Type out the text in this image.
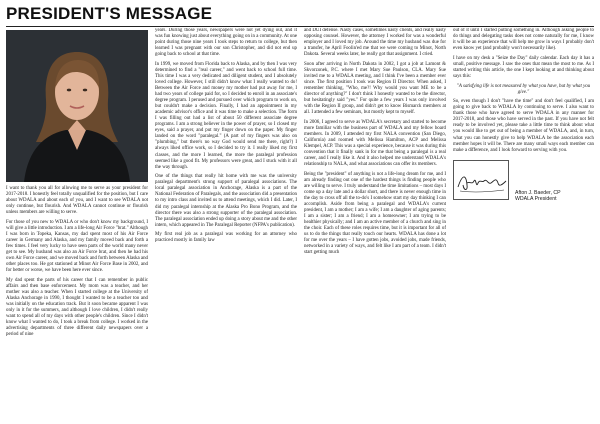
PRESIDENT'S MESSAGE

I want to thank you all for allowing me to serve as your president for 2017-2018. I honestly feel totally unqualified for the position, but I care about WDALA and about each of you, and I want to see WDALA not only continue, but flourish. And WDALA cannot continue or flourish unless members are willing to serve.

For those of you new to WDALA or who don't know my background, I will give a little introduction. I am a life-long Air Force "brat." Although I was born in Topeka, Kansas, my dad spent most of his Air Force career in Germany and Alaska, and my family moved back and forth a few times. I feel very lucky to have seen parts of the world many never get to see. My husband was also an Air Force brat, and then he had his own Air Force career, and we moved back and forth between Alaska and other places too. He got stationed at Minot Air Force Base in 2002, and for better or worse, we have been here ever since.

My dad spent the parts of his career that I can remember in public affairs and then base enforcement. My mom was a teacher, and her mother was also a teacher. When I started college at the University of Alaska Anchorage in 1990, I thought I wanted to be a teacher too and was initially on the education track. But it soon became apparent I was only in it for the summers, and although I love children, I didn't really want to spend all of my days with other people's children. Since I didn't know what I wanted to do, I took a break from college. I worked in the advertising departments of three different daily newspapers over a period of nine

years. During those years, newspapers were not yet dying out, and it was fun knowing just about everything going on in a community. At one point during those nine years I took steps to return to college, but then learned I was pregnant with our son Christopher, and did not end up going back to school at that time.

In 1999, we moved from Florida back to Alaska, and by then I was very determined to find a "real career," and went back to school full time. This time I was a very dedicated and diligent student, and I absolutely loved college. However, I still didn't know what I really wanted to do! Between the Air Force and money my mother had put away for me, I had two years of college paid for, so I decided to enroll in an associate's degree program. I perused and pursued over which program to work on, but couldn't make a decision. Finally, I had an appointment in my academic advisor's office and it was time to make a selection. The form I was filling out had a list of about 50 different associate degree programs. I am a strong believer in the power of prayer, so I closed my eyes, said a prayer, and put my finger down on the paper. My finger landed on the word "paralegal." (A part of my fingers was also on "plumbing," but there's no way God would send me there, right?) I always liked office work, so I decided to try it. I really liked my first classes, and the more I learned, the more the paralegal profession seemed like a good fit. My professors were great, and I stuck with it all the way through.

One of the things that really hit home with me was the university paralegal department's strong support of paralegal associations. The local paralegal association in Anchorage, Alaska is a part of the National Federation of Paralegals, and the association did a presentation to my intro class and invited us to attend meetings, which I did. Later, I did my paralegal internship at the Alaska Pro Bono Program, and the director there was also a strong supporter of the paralegal association. The paralegal association ended up doing a story about me and the other intern, which appeared in The Paralegal Reporter (NFPA's publication).

My first real job as a paralegal was working for an attorney who practiced mostly in family law

and DUI defense. Nasty cases, sometimes nasty clients, and really nasty opposing counsel. However, the attorney I worked for was a wonderful employer and I loved my job. Around the time my husband was due for a transfer, he April Foolin'ed me that we were coming to Minot, North Dakota. Several weeks later, he really got that assignment. I cried.

Soon after arriving in North Dakota in 2002, I got a job at Lamont & Skvorzonek, P.C. where I met Mary Sue Paulson, CLA. Mary Sue invited me to a WDALA meeting, and I think I've been a member ever since. The first position I took was Region II Director. When asked, I remember thinking, "Who, me?! Why would you want ME to be a director of anything?" I don't think I honestly wanted to be the director, but hesitatingly said "yes." For quite a few years I was only involved with the Region II group, and didn't get to know Bismarck members at all. I attended a few seminars, but mostly kept to myself.

In 2006, I agreed to serve as WDALA's secretary and started to become more familiar with the business part of WDALA and my fellow board members. In 2009, I attended my first NALA convention (San Diego, California) and roomed with Melissa Hamilton, ACP and Melissa Klempel, ACP. This was a special experience, because it was during this convention that it finally sank in for me that being a paralegal is a real career, and I really like it. And it also helped me understand WDALA's relationship to NALA, and what associations can offer its members.

Being the "president" of anything is not a life-long dream for me, and I am already finding out one of the hardest things is finding people who are willing to serve. I truly understand the time limitations – most days I come up a day late and a dollar short, and there is never enough time in the day to cross off all the to-do's I somehow start my day thinking I can accomplish. Aside from being a paralegal and WDALA's current president, I am a mother; I am a wife; I am a daughter of aging parents; I am a sister; I am a friend; I am a homeowner; I am trying to be healthier physically; and I am an active member of a church and sing in the choir. Each of these roles requires time, but it is important for all of us to do the things that really touch our hearts. WDALA has done a lot for me over the years – I have gotten jobs, avoided jobs, made friends, networked in a variety of ways, and felt like I am part of a team. I didn't start getting much

out of it until I started putting something in. Although asking people to do things and delegating tasks does not come naturally for me, I know it will be an experience that will help me grow in ways I probably don't even know yet (and probably won't necessarily like).

I have on my desk a "Seize the Day" daily calendar. Each day it has a small, positive message. I saw the ones that mean the most to me. As I started writing this article, the one I kept looking at and thinking about says this:

"A satisfying life is not measured by what you have, but by what you give."

So, even though I don't "have the time" and don't feel qualified, I am going to give back to WDALA by continuing to serve. I also want to thank those who have agreed to serve WDALA in any manner for 2017-2018, and those who have served in the past. If you have not felt ready to be involved yet, please take a little time to think about what you would like to get out of being a member of WDALA, and, in turn, what you can honestly give to help WDALA be the association each member hopes it will be. There are many small ways each member can make a difference, and I look forward to serving with you.

Afton J. Baeder, CP
WDALA President
